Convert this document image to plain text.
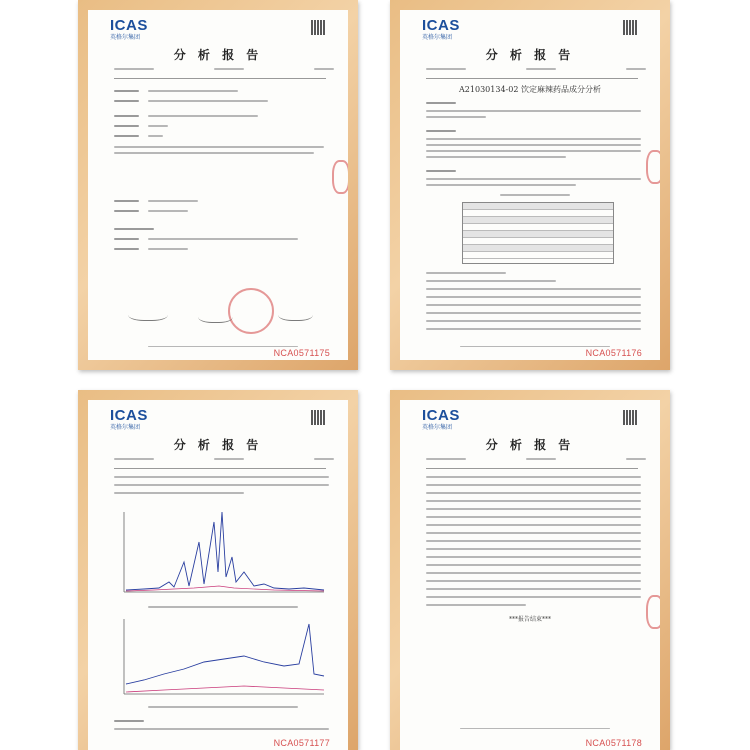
ICAS
英格尔集团
分 析 报 告
NCA0571175
ICAS
英格尔集团
分 析 报 告
A21030134-02 饮定麻辣药品成分分析
NCA0571176
ICAS
英格尔集团
分 析 报 告
NCA0571177
ICAS
英格尔集团
分 析 报 告
***报告结束***
NCA0571178
